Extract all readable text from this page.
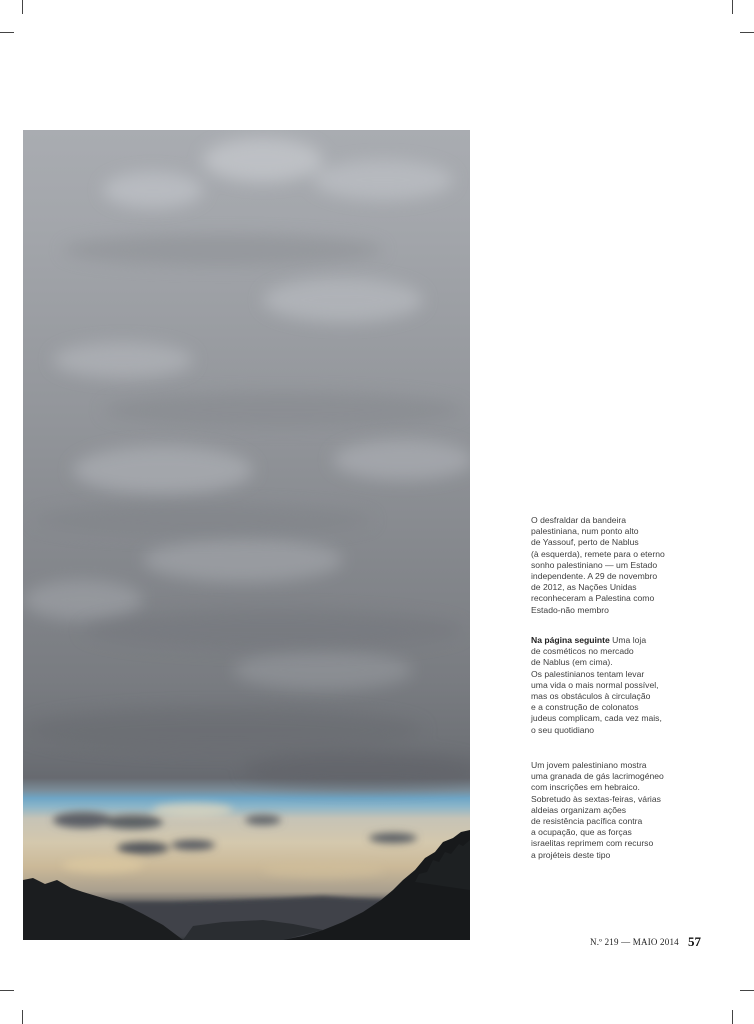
O desfraldar da bandeira
palestiniana, num ponto alto
de Yassouf, perto de Nablus
(à esquerda), remete para o eterno
sonho palestiniano — um Estado
independente. A 29 de novembro
de 2012, as Nações Unidas
reconheceram a Palestina como
Estado-não membro
Na página seguinte Uma loja
de cosméticos no mercado
de Nablus (em cima).
Os palestinianos tentam levar
uma vida o mais normal possível,
mas os obstáculos à circulação
e a construção de colonatos
judeus complicam, cada vez mais,
o seu quotidiano
Um jovem palestiniano mostra
uma granada de gás lacrimogéneo
com inscrições em hebraico.
Sobretudo às sextas-feiras, várias
aldeias organizam ações
de resistência pacífica contra
a ocupação, que as forças
israelitas reprimem com recurso
a projéteis deste tipo
N.º 219 — MAIO 2014 57
